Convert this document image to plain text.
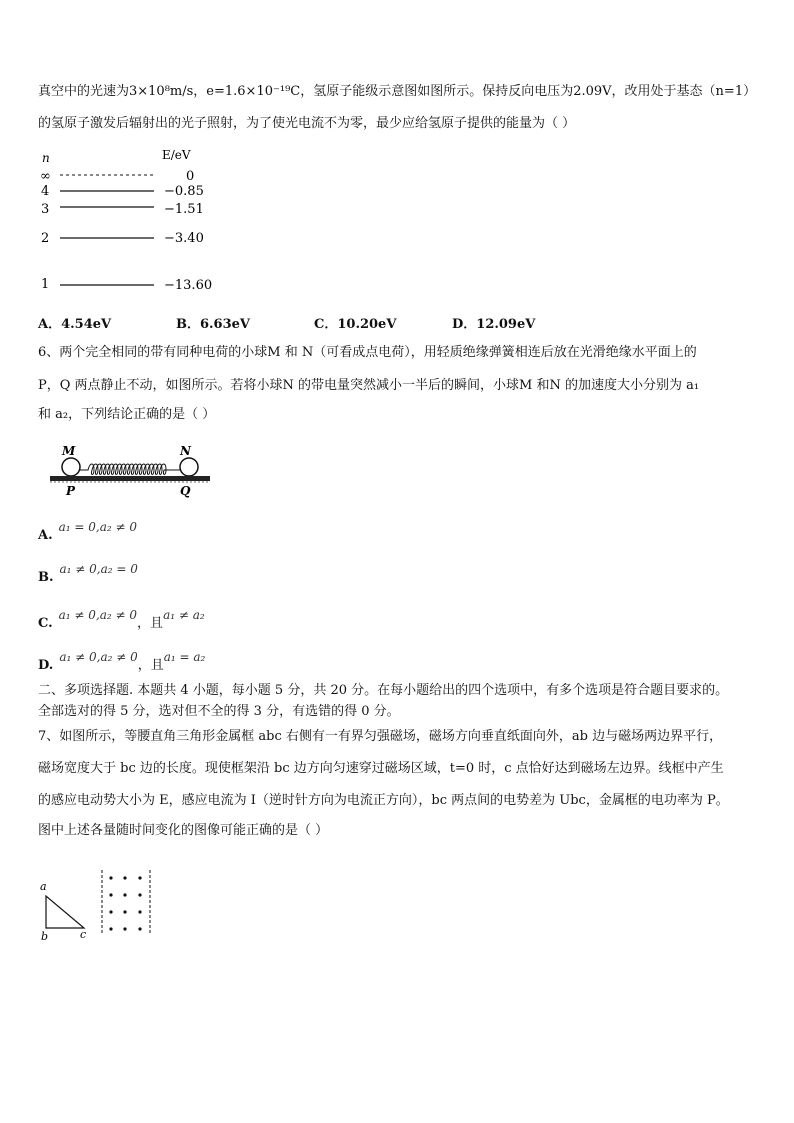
真空中的光速为3×10⁸m/s，e=1.6×10⁻¹⁹C，氢原子能级示意图如图所示。保持反向电压为2.09V，改用处于基态（n=1）
的氢原子激发后辐射出的光子照射，为了使光电流不为零，最少应给氢原子提供的能量为（ ）
n	E/eV
∞	0
4	−0.85
3	−1.51
2	−3.40
1	−13.60
A．4.54eV	B．6.63eV	C．10.20eV	D．12.09eV
6、两个完全相同的带有同种电荷的小球M 和 N（可看成点电荷），用轻质绝缘弹簧相连后放在光滑绝缘水平面上的
P，Q 两点静止不动，如图所示。若将小球N 的带电量突然减小一半后的瞬间，小球M 和N 的加速度大小分别为 a₁
和 a₂，下列结论正确的是（ ）
M	N
P	Q
A.a₁ = 0,a₂ ≠ 0
B.a₁ ≠ 0,a₂ = 0
C.a₁ ≠ 0,a₂ ≠ 0，且a₁ ≠ a₂
D.a₁ ≠ 0,a₂ ≠ 0，且a₁ = a₂
二、多项选择题. 本题共 4 小题，每小题 5 分，共 20 分。在每小题给出的四个选项中，有多个选项是符合题目要求的。
全部选对的得 5 分，选对但不全的得 3 分，有选错的得 0 分。
7、如图所示，等腰直角三角形金属框 abc 右侧有一有界匀强磁场，磁场方向垂直纸面向外，ab 边与磁场两边界平行，
磁场宽度大于 bc 边的长度。现使框架沿 bc 边方向匀速穿过磁场区域，t=0 时，c 点恰好达到磁场左边界。线框中产生
的感应电动势大小为 E，感应电流为 I（逆时针方向为电流正方向），bc 两点间的电势差为 Ubc，金属框的电功率为 P。
图中上述各量随时间变化的图像可能正确的是（ ）
a
b	c
